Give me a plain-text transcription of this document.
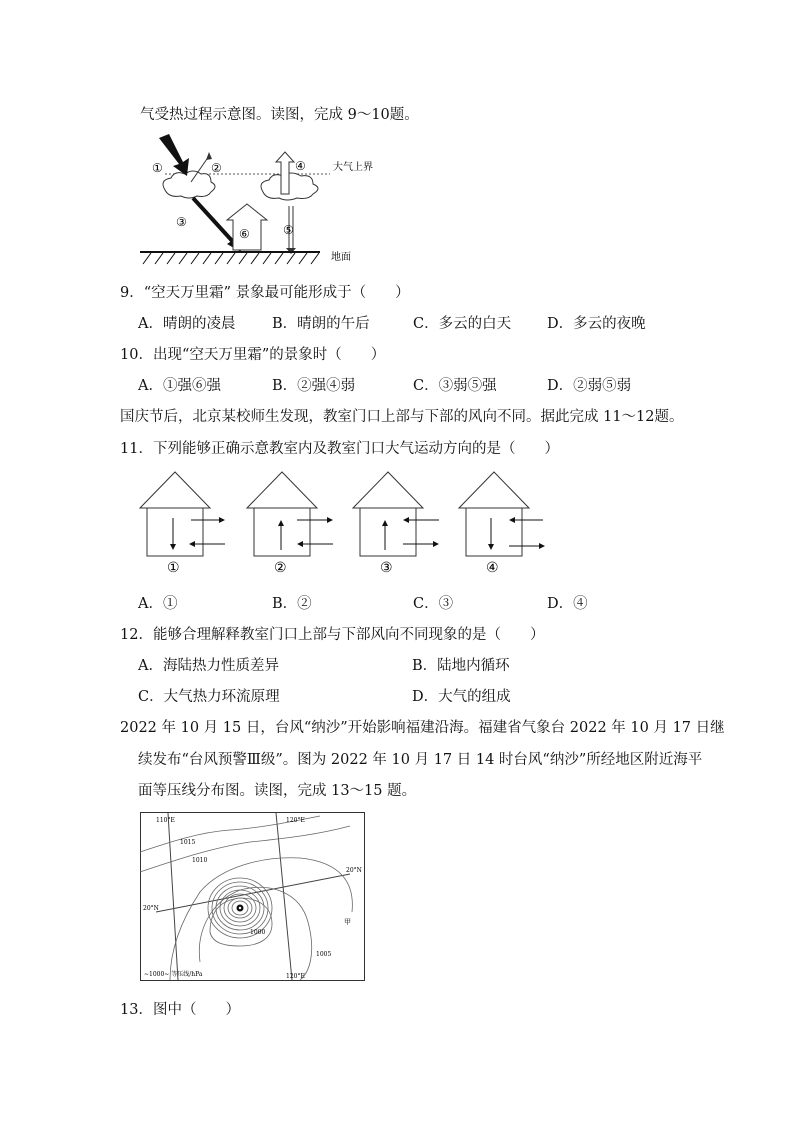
气受热过程示意图。读图，完成 9～10题。
①	②
③
④
⑤
⑥
大气上界
地面
9．“空天万里霜” 景象最可能形成于（　　）
A．晴朗的凌晨	B．晴朗的午后	C．多云的白天 D．多云的夜晚
10．出现“空天万里霜”的景象时（　　）
A．①强⑥强	B．②强④弱	C．③弱⑤强	D．②弱⑤弱
国庆节后，北京某校师生发现，教室门口上部与下部的风向不同。据此完成 11～12题。
11．下列能够正确示意教室内及教室门口大气运动方向的是（　　）
①	②	③	④
A．①	B．②	C．③	D．④
12．能够合理解释教室门口上部与下部风向不同现象的是（　　）
A．海陆热力性质差异	B．陆地内循环
C．大气热力环流原理	D．大气的组成
2022 年 10 月 15 日，台风“纳沙”开始影响福建沿海。福建省气象台 2022 年 10 月 17 日继
续发布“台风预警Ⅲ级”。图为 2022 年 10 月 17 日 14 时台风“纳沙”所经地区附近海平
面等压线分布图。读图，完成 13～15 题。
110°E	120°E
120°E
20°N
20°N
1015
1010
1005
1000
甲
~1000~ 等压线/hPa
13．图中（　　）
